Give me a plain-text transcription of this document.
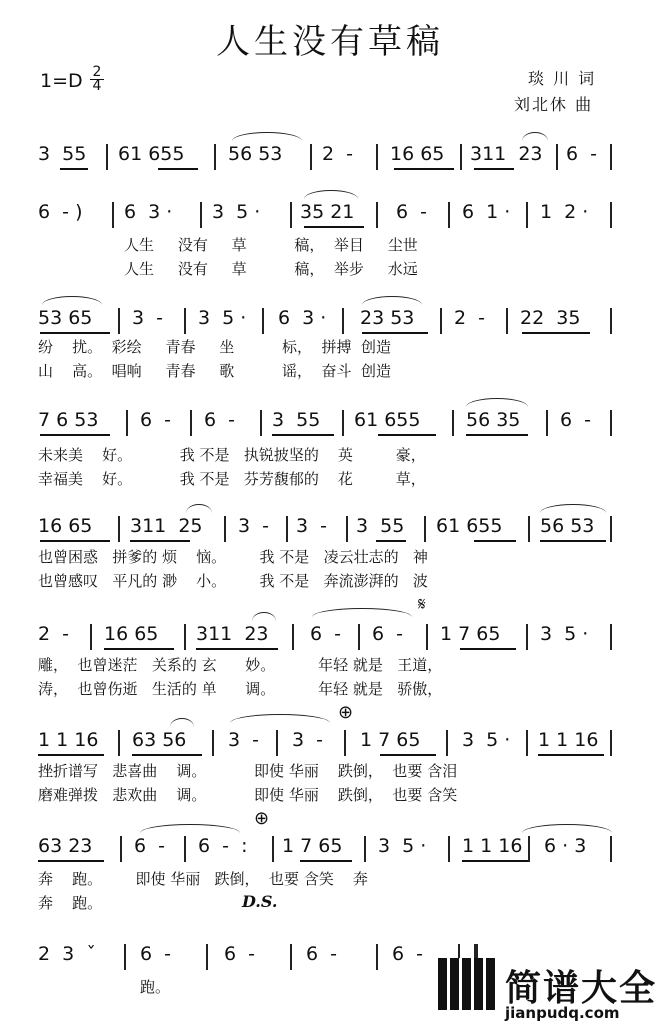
人生没有草稿
$1=D \frac{2}{4}$	琰 川 词
刘北休 曲
3  55 61 655 56 53 2  - 16 65 311  23 6  -
6  - ) 6  3 · 3  5 · 35 21 6  - 6  1 · 1  2 ·
人生     没有     草          稿，  举目     尘世
人生     没有     草          稿，  举步     水远
53 65 3  - 3  5 · 6  3 · 23 53 2  - 22  35
纷    扰。  彩绘     青春     坐          标，  拼搏  创造
山    高。  唱响     青春     歌          谣，  奋斗  创造
7 6 53 6  - 6  - 3  55 61 655 56 35 6  -
未来美    好。          我 不是   执锐披坚的    英         豪，
幸福美    好。          我 不是   芬芳馥郁的    花         草，
16 65 311  25 3  - 3  - 3  55 61 655 56 53
也曾困惑   拼爹的 烦    恼。       我 不是   凌云壮志的   神
也曾感叹   平凡的 渺    小。       我 不是   奔流澎湃的   波
2  - 16 65 311  23 6  - 6  - 1 7 65 3  5 ·
𝄋
雕，  也曾迷茫   关系的 玄      妙。         年轻 就是   王道，
涛，  也曾伤逝   生活的 单      调。         年轻 就是   骄傲，
1 1 16 63 56 3  - 3  - 1 7 65 3  5 · 1 1 16
⊕
挫折谱写   悲喜曲    调。          即使 华丽    跌倒，  也要 含泪
磨难弹拨   悲欢曲    调。          即使 华丽    跌倒，  也要 含笑
63 23 6  - 6  -  : 1 7 65 3  5 · 1 1 16 6 · 3
⊕
奔    跑。       即使 华丽   跌倒，  也要 含笑    奔
奔    跑。	D.S.
2  3  ˇ 6  -	6  -	6  -	6  -
跑。	简谱大全
jianpudq.com
